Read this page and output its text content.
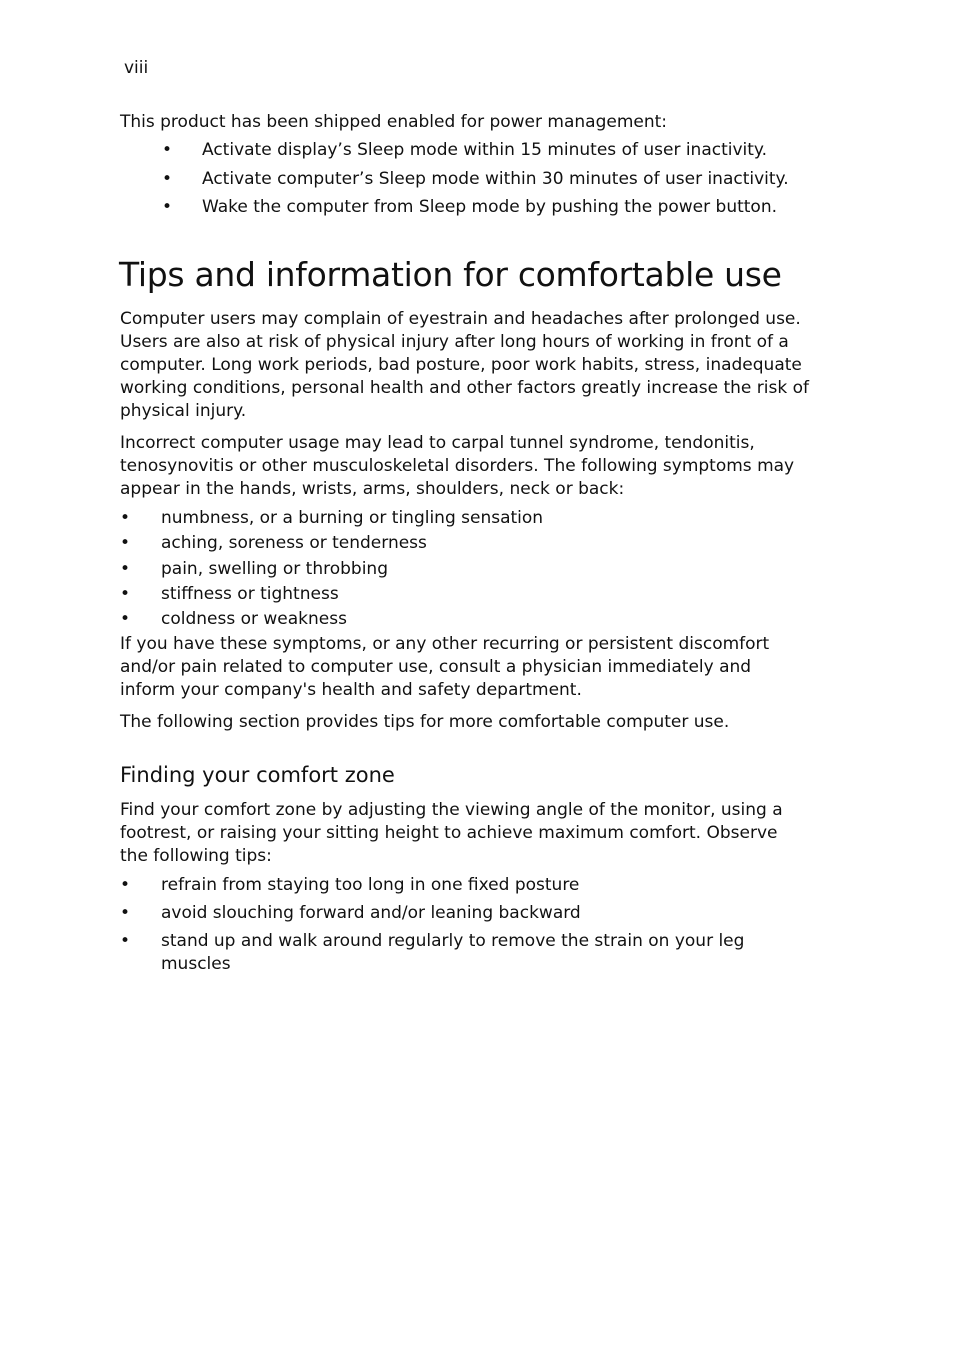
viii

This product has been shipped enabled for power management:

• Activate display’s Sleep mode within 15 minutes of user inactivity.
• Activate computer’s Sleep mode within 30 minutes of user inactivity.
• Wake the computer from Sleep mode by pushing the power button.
Tips and information for comfortable use

Computer users may complain of eyestrain and headaches after prolonged use. Users are also at risk of physical injury after long hours of working in front of a computer. Long work periods, bad posture, poor work habits, stress, inadequate working conditions, personal health and other factors greatly increase the risk of physical injury.

Incorrect computer usage may lead to carpal tunnel syndrome, tendonitis, tenosynovitis or other musculoskeletal disorders. The following symptoms may appear in the hands, wrists, arms, shoulders, neck or back:

• numbness, or a burning or tingling sensation
• aching, soreness or tenderness
• pain, swelling or throbbing
• stiffness or tightness
• coldness or weakness

If you have these symptoms, or any other recurring or persistent discomfort and/or pain related to computer use, consult a physician immediately and inform your company's health and safety department.

The following section provides tips for more comfortable computer use.

Finding your comfort zone

Find your comfort zone by adjusting the viewing angle of the monitor, using a footrest, or raising your sitting height to achieve maximum comfort. Observe the following tips:

• refrain from staying too long in one fixed posture
• avoid slouching forward and/or leaning backward
• stand up and walk around regularly to remove the strain on your leg muscles
